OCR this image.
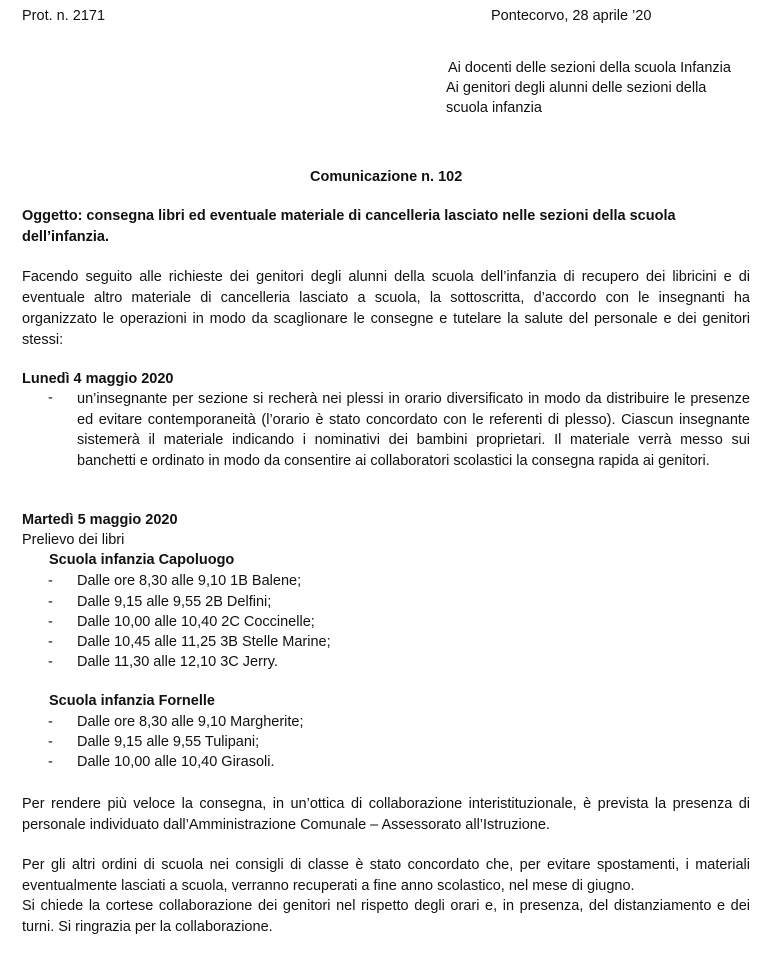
Prot. n. 2171	Pontecorvo, 28 aprile ’20
Ai docenti delle sezioni della scuola Infanzia
Ai genitori degli alunni delle sezioni della
scuola infanzia
Comunicazione n. 102
Oggetto: consegna libri ed eventuale materiale di cancelleria lasciato nelle sezioni della scuola
dell’infanzia.
Facendo seguito alle richieste dei genitori degli alunni della scuola dell’infanzia di recupero dei libricini e di eventuale altro materiale di cancelleria lasciato a scuola, la sottoscritta, d’accordo con le insegnanti ha organizzato le operazioni in modo da scaglionare le consegne e tutelare la salute del personale e dei genitori stessi:
Lunedì 4 maggio 2020
- un’insegnante per sezione si recherà nei plessi in orario diversificato in modo da distribuire le presenze ed evitare contemporaneità (l’orario è stato concordato con le referenti di plesso). Ciascun insegnante sistemerà il materiale indicando i nominativi dei bambini proprietari. Il materiale verrà messo sui banchetti e ordinato in modo da consentire ai collaboratori scolastici la consegna rapida ai genitori.
Martedì 5 maggio 2020
Prelievo dei libri
Scuola infanzia Capoluogo
- Dalle ore 8,30 alle 9,10 1B Balene;
- Dalle 9,15 alle 9,55 2B Delfini;
- Dalle 10,00 alle 10,40 2C Coccinelle;
- Dalle 10,45 alle 11,25 3B Stelle Marine;
- Dalle 11,30 alle 12,10 3C Jerry.
Scuola infanzia Fornelle
- Dalle ore 8,30 alle 9,10 Margherite;
- Dalle 9,15 alle 9,55 Tulipani;
- Dalle 10,00 alle 10,40 Girasoli.
Per rendere più veloce la consegna, in un’ottica di collaborazione interistituzionale, è prevista la presenza di personale individuato dall’Amministrazione Comunale – Assessorato all’Istruzione.
Per gli altri ordini di scuola nei consigli di classe è stato concordato che, per evitare spostamenti, i materiali eventualmente lasciati a scuola, verranno recuperati a fine anno scolastico, nel mese di giugno.
Si chiede la cortese collaborazione dei genitori nel rispetto degli orari e, in presenza, del distanziamento e dei turni. Si ringrazia per la collaborazione.
